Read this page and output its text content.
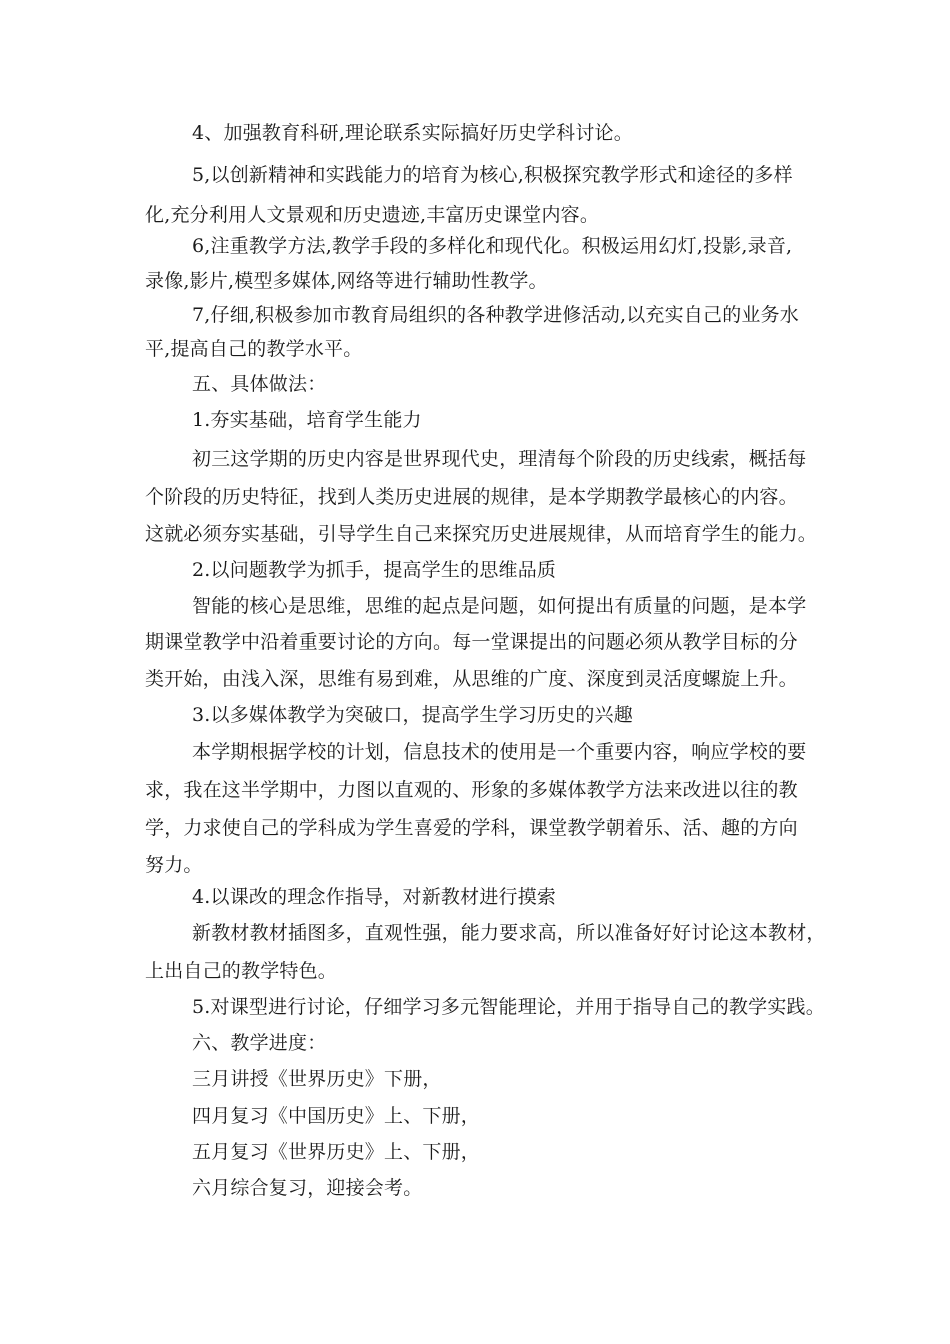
4、加强教育科研,理论联系实际搞好历史学科讨论。
5,以创新精神和实践能力的培育为核心,积极探究教学形式和途径的多样
化,充分利用人文景观和历史遗迹,丰富历史课堂内容。
6,注重教学方法,教学手段的多样化和现代化。积极运用幻灯,投影,录音,
录像,影片,模型多媒体,网络等进行辅助性教学。
7,仔细,积极参加市教育局组织的各种教学进修活动,以充实自己的业务水
平,提高自己的教学水平。
五、具体做法：
1.夯实基础，培育学生能力
初三这学期的历史内容是世界现代史，理清每个阶段的历史线索，概括每
个阶段的历史特征，找到人类历史进展的规律，是本学期教学最核心的内容。
这就必须夯实基础，引导学生自己来探究历史进展规律，从而培育学生的能力。
2.以问题教学为抓手，提高学生的思维品质
智能的核心是思维，思维的起点是问题，如何提出有质量的问题，是本学
期课堂教学中沿着重要讨论的方向。每一堂课提出的问题必须从教学目标的分
类开始，由浅入深，思维有易到难，从思维的广度、深度到灵活度螺旋上升。
3.以多媒体教学为突破口，提高学生学习历史的兴趣
本学期根据学校的计划，信息技术的使用是一个重要内容，响应学校的要
求，我在这半学期中，力图以直观的、形象的多媒体教学方法来改进以往的教
学，力求使自己的学科成为学生喜爱的学科，课堂教学朝着乐、活、趣的方向
努力。
4.以课改的理念作指导，对新教材进行摸索
新教材教材插图多，直观性强，能力要求高，所以准备好好讨论这本教材，
上出自己的教学特色。
5.对课型进行讨论，仔细学习多元智能理论，并用于指导自己的教学实践。
六、教学进度：
三月讲授《世界历史》下册，
四月复习《中国历史》上、下册，
五月复习《世界历史》上、下册，
六月综合复习，迎接会考。
